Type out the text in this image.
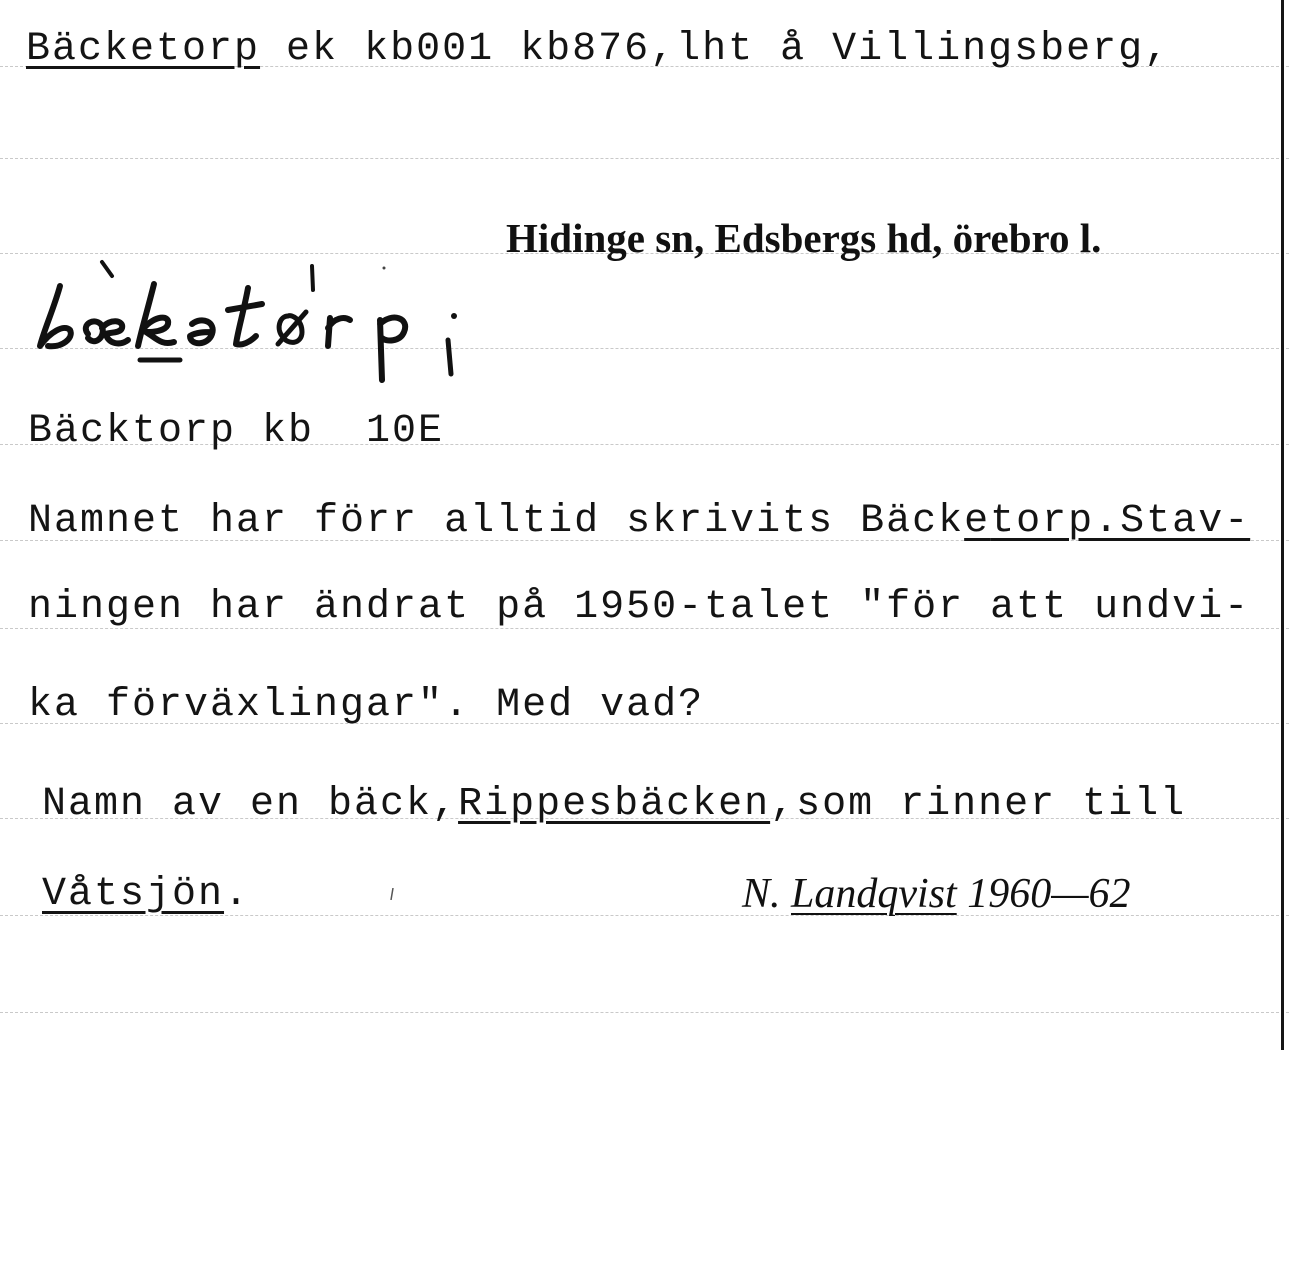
Bäcketorp ek kb001 kb876,lht å Villingsberg,
Hidinge sn, Edsbergs hd, örebro l.
Bäcktorp kb  10E
Namnet har förr alltid skrivits Bäcketorp.Stav-
ningen har ändrat på 1950-talet "för att undvi-
ka förväxlingar". Med vad?
Namn av en bäck,Rippesbäcken,som rinner till
Våtsjön.	N. Landqvist 1960—62
